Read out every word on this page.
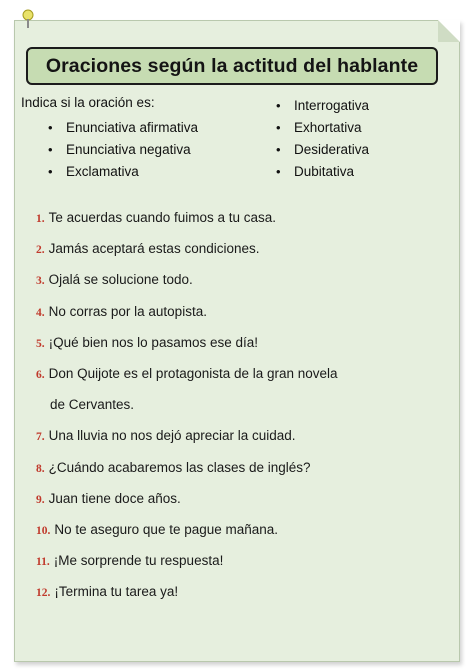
Oraciones según la actitud del hablante
Indica si la oración es:
• Enunciativa afirmativa
• Enunciativa negativa
• Exclamativa
• Interrogativa
• Exhortativa
• Desiderativa
• Dubitativa
1. Te acuerdas cuando fuimos a tu casa.
2. Jamás aceptará estas condiciones.
3. Ojalá se solucione todo.
4. No corras por la autopista.
5. ¡Qué bien nos lo pasamos ese día!
6. Don Quijote es el protagonista de la gran novela
de Cervantes.
7. Una lluvia no nos dejó apreciar la cuidad.
8. ¿Cuándo acabaremos las clases de inglés?
9. Juan tiene doce años.
10. No te aseguro que te pague mañana.
11. ¡Me sorprende tu respuesta!
12. ¡Termina tu tarea ya!
